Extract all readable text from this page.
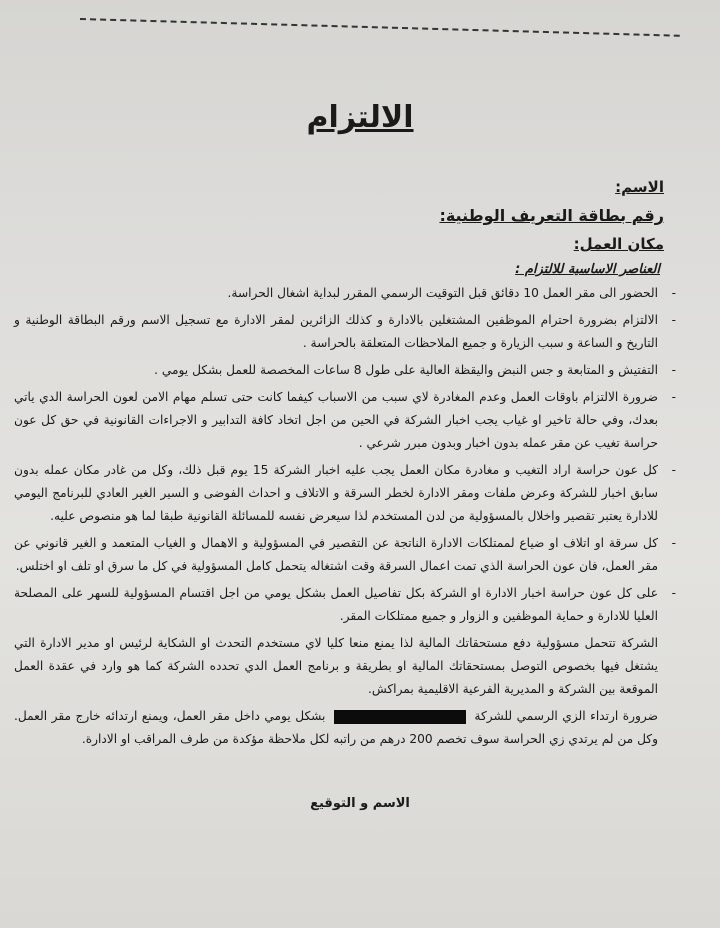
الالتزام
الاسم:
رقم بطاقة التعريف الوطنية:
مكان العمل:
العناصر الاساسية للالتزام :
- الحضور الى مقر العمل 10 دقائق قبل التوقيت الرسمي المقرر لبداية اشغال الحراسة.
- الالتزام بضرورة احترام الموظفين المشتغلين بالادارة و كذلك الزائرين لمقر الادارة مع تسجيل الاسم ورقم البطاقة الوطنية و التاريخ و الساعة و سبب الزيارة و جميع الملاحظات المتعلقة بالحراسة .
- التفتيش و المتابعة و جس النبض واليقظة العالية على طول 8 ساعات المخصصة للعمل بشكل يومي .
- ضرورة الالتزام باوقات العمل وعدم المغادرة لاي سبب من الاسباب كيفما كانت حتى تسلم مهام الامن لعون الحراسة الدي ياتي بعدك، وفي حالة تاخير او غياب يجب اخبار الشركة في الحين من اجل اتخاد كافة التدابير و الاجراءات القانونية في حق كل عون حراسة تغيب عن مقر عمله بدون اخبار وبدون مبرر شرعي .
- كل عون حراسة اراد التغيب و مغادرة مكان العمل يجب عليه اخبار الشركة 15 يوم قبل ذلك، وكل من غادر مكان عمله بدون سابق اخبار للشركة وعرض ملفات ومقر الادارة لخطر السرقة و الاتلاف و احداث الفوضى و السير الغير العادي للبرنامج اليومي للادارة يعتبر تقصير واخلال بالمسؤولية من لدن المستخدم لذا سيعرض نفسه للمسائلة القانونية طبقا لما هو منصوص عليه.
- كل سرقة او اتلاف او ضياع لممتلكات الادارة الناتجة عن التقصير في المسؤولية و الاهمال و الغياب المتعمد و الغير قانوني عن مقر العمل، فان عون الحراسة الذي تمت اعمال السرقة وقت اشتغاله يتحمل كامل المسؤولية في كل ما سرق او تلف او اختلس.
- على كل عون حراسة اخبار الادارة او الشركة بكل تفاصيل العمل بشكل يومي من اجل اقتسام المسؤولية للسهر على المصلحة العليا للادارة و حماية الموظفين و الزوار و جميع ممتلكات المقر.
الشركة تتحمل مسؤولية دفع مستحقاتك المالية لذا يمنع منعا كليا لاي مستخدم التحدث او الشكاية لرئيس او مدير الادارة التي يشتغل فيها بخصوص التوصل بمستحقاتك المالية او بطريقة و برنامج العمل الدي تحدده الشركة كما هو وارد في عقدة العمل الموقعة بين الشركة و المديرية الفرعية الاقليمية بمراكش.
ضرورة ارتداء الزي الرسمي للشركة  بشكل يومي داخل مقر العمل، ويمنع ارتدائه خارج مقر العمل. وكل من لم يرتدي زي الحراسة سوف تخصم 200 درهم من راتبه لكل ملاحظة مؤكدة من طرف المراقب او الادارة.
الاسم و التوقيع
